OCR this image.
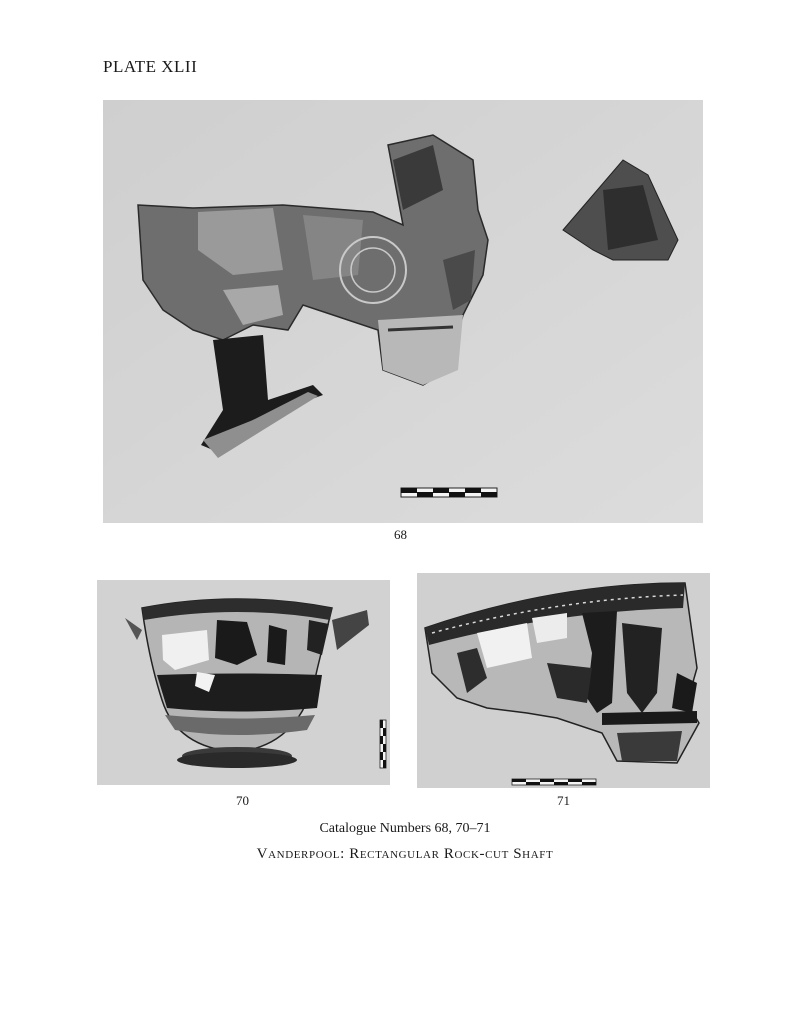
PLATE XLII
68
70	71
Catalogue Numbers 68, 70–71
Vanderpool: Rectangular Rock-cut Shaft
